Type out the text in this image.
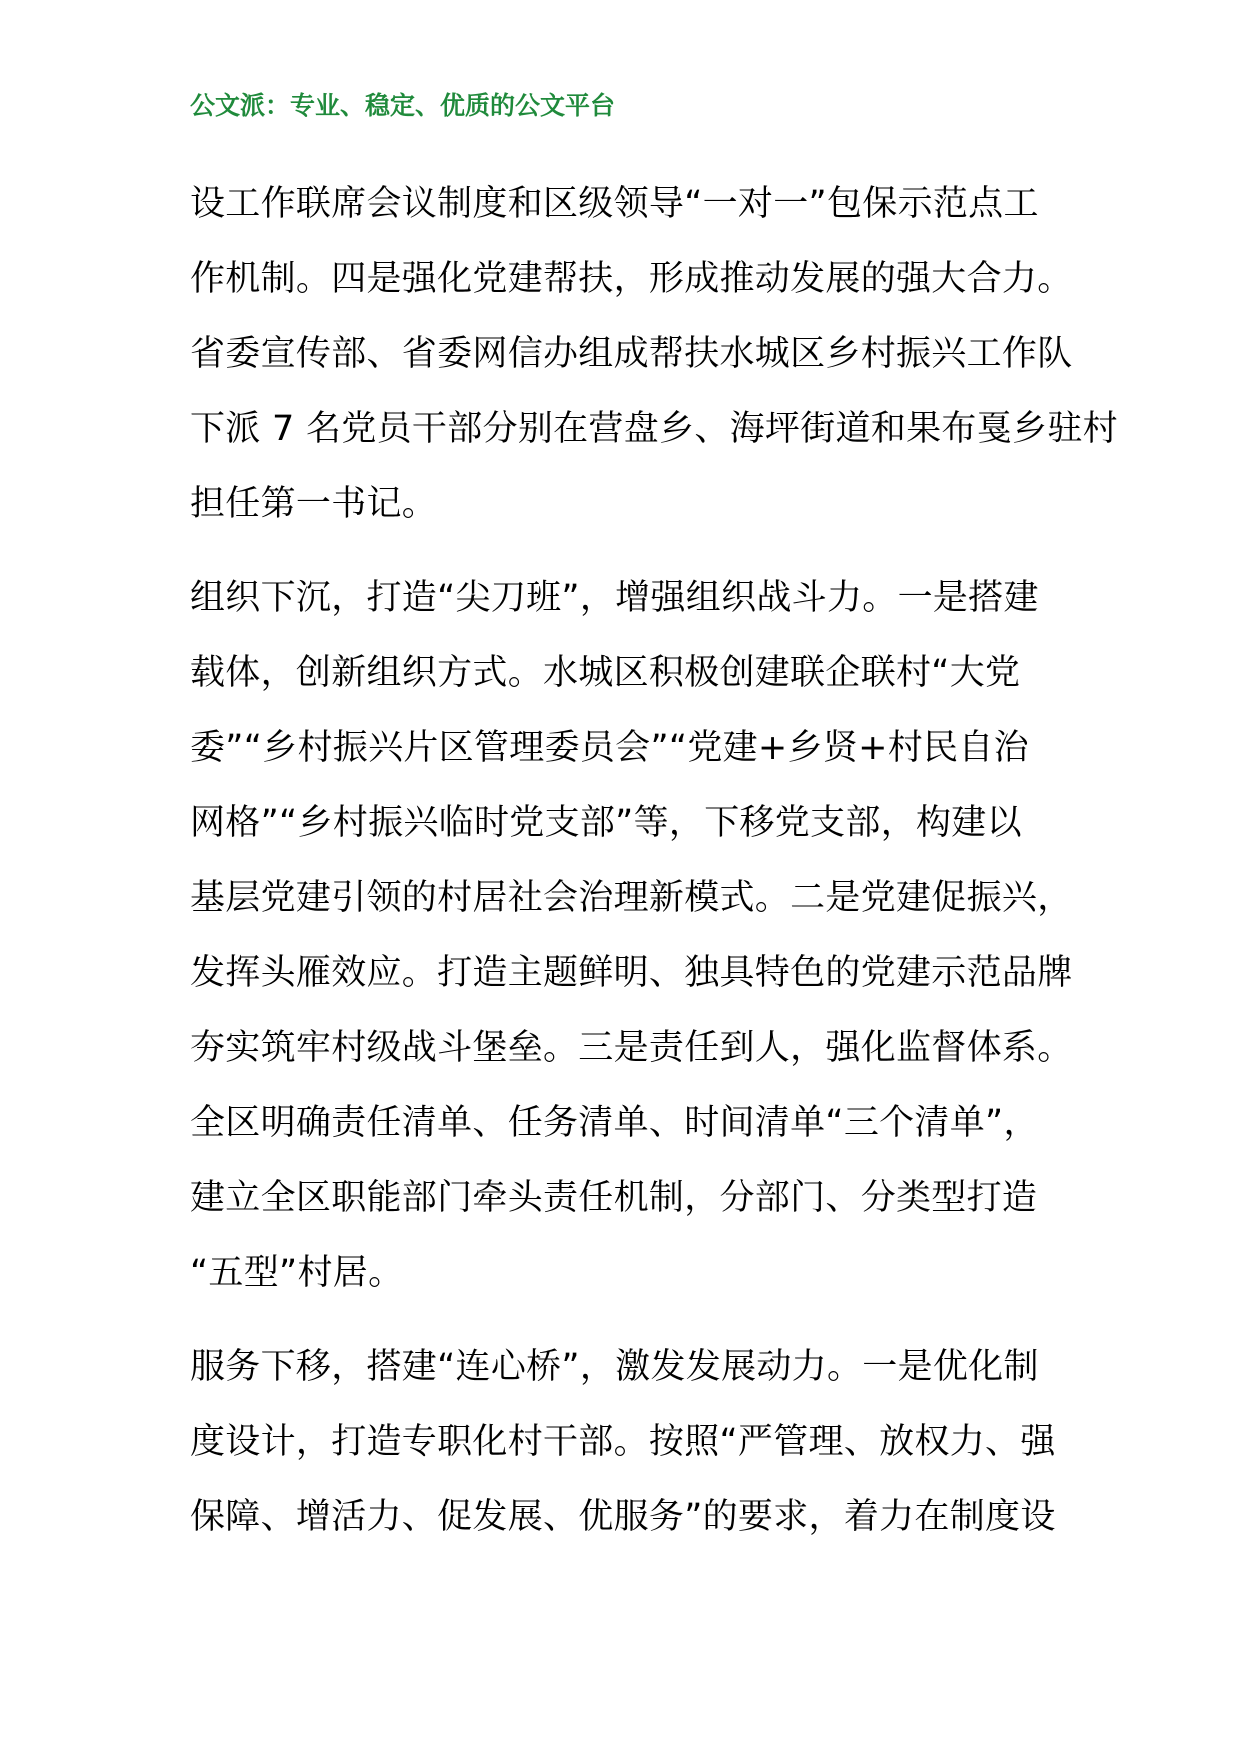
公文派：专业、稳定、优质的公文平台
设工作联席会议制度和区级领导“一对一”包保示范点工
作机制。四是强化党建帮扶，形成推动发展的强大合力。
省委宣传部、省委网信办组成帮扶水城区乡村振兴工作队
下派 7 名党员干部分别在营盘乡、海坪街道和果布戛乡驻村
担任第一书记。
组织下沉，打造“尖刀班”，增强组织战斗力。一是搭建
载体，创新组织方式。水城区积极创建联企联村“大党
委”“乡村振兴片区管理委员会”“党建+乡贤+村民自治
网格”“乡村振兴临时党支部”等，下移党支部，构建以
基层党建引领的村居社会治理新模式。二是党建促振兴，
发挥头雁效应。打造主题鲜明、独具特色的党建示范品牌
夯实筑牢村级战斗堡垒。三是责任到人，强化监督体系。
全区明确责任清单、任务清单、时间清单“三个清单”，
建立全区职能部门牵头责任机制，分部门、分类型打造
“五型”村居。
服务下移，搭建“连心桥”，激发发展动力。一是优化制
度设计，打造专职化村干部。按照“严管理、放权力、强
保障、增活力、促发展、优服务”的要求，着力在制度设
